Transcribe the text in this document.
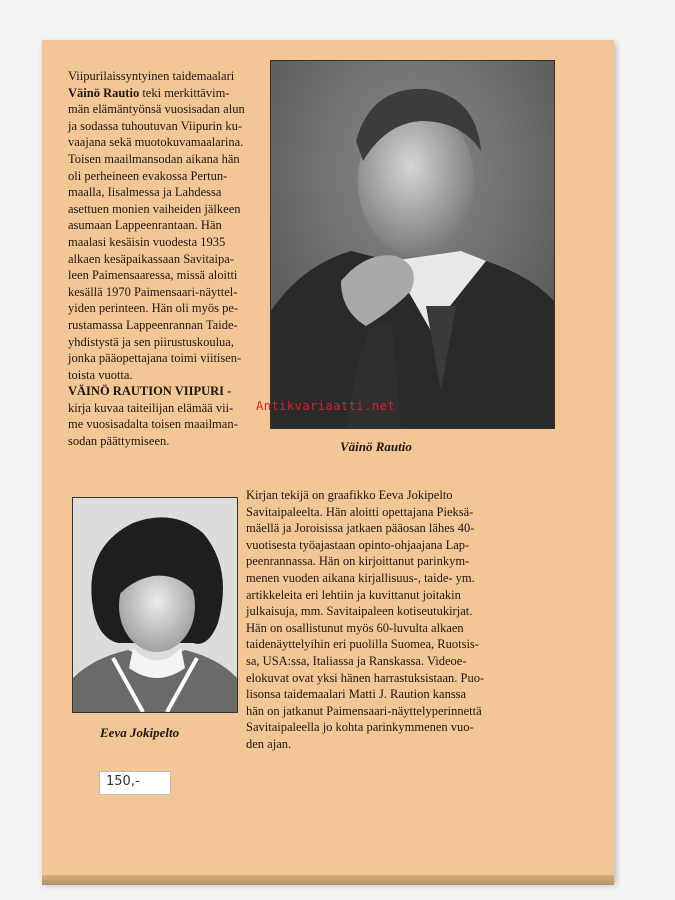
Viipurilaissyntyinen taidemaalari
Väinö Rautio teki merkittävim-
män elämäntyönsä vuosisadan alun
ja sodassa tuhoutuvan Viipurin ku-
vaajana sekä muotokuvamaalarina.
Toisen maailmansodan aikana hän
oli perheineen evakossa Pertun-
maalla, Iisalmessa ja Lahdessa
asettuen monien vaiheiden jälkeen
asumaan Lappeenrantaan. Hän
maalasi kesäisin vuodesta 1935
alkaen kesäpaikassaan Savitaipa-
leen Paimensaaressa, missä aloitti
kesällä 1970 Paimensaari-näyttel-
yiden perinteen. Hän oli myös pe-
rustamassa Lappeenrannan Taide-
yhdistystä ja sen piirustuskoulua,
jonka pääopettajana toimi viitisen-
toista vuotta.
VÄINÖ RAUTION VIIPURI -
kirja kuvaa taiteilijan elämää vii-
me vuosisadalta toisen maailman-
sodan päättymiseen.

Antikvariaatti.net
Väinö Rautio
Eeva Jokipelto

Kirjan tekijä on graafikko Eeva Jokipelto
Savitaipaleelta. Hän aloitti opettajana Pieksä-
mäellä ja Joroisissa jatkaen pääosan lähes 40-
vuotisesta työajastaan opinto-ohjaajana Lap-
peenrannassa. Hän on kirjoittanut parinkym-
menen vuoden aikana kirjallisuus-, taide- ym.
artikkeleita eri lehtiin ja kuvittanut joitakin
julkaisuja, mm. Savitaipaleen kotiseutukirjat.
Hän on osallistunut myös 60-luvulta alkaen
taidenäyttelyihin eri puolilla Suomea, Ruotsis-
sa, USA:ssa, Italiassa ja Ranskassa. Videoe-
elokuvat ovat yksi hänen harrastuksistaan. Puo-
lisonsa taidemaalari Matti J. Raution kanssa
hän on jatkanut Paimensaari-näyttelyperinnettä
Savitaipaleella jo kohta parinkymmenen vuo-
den ajan.

150,-
